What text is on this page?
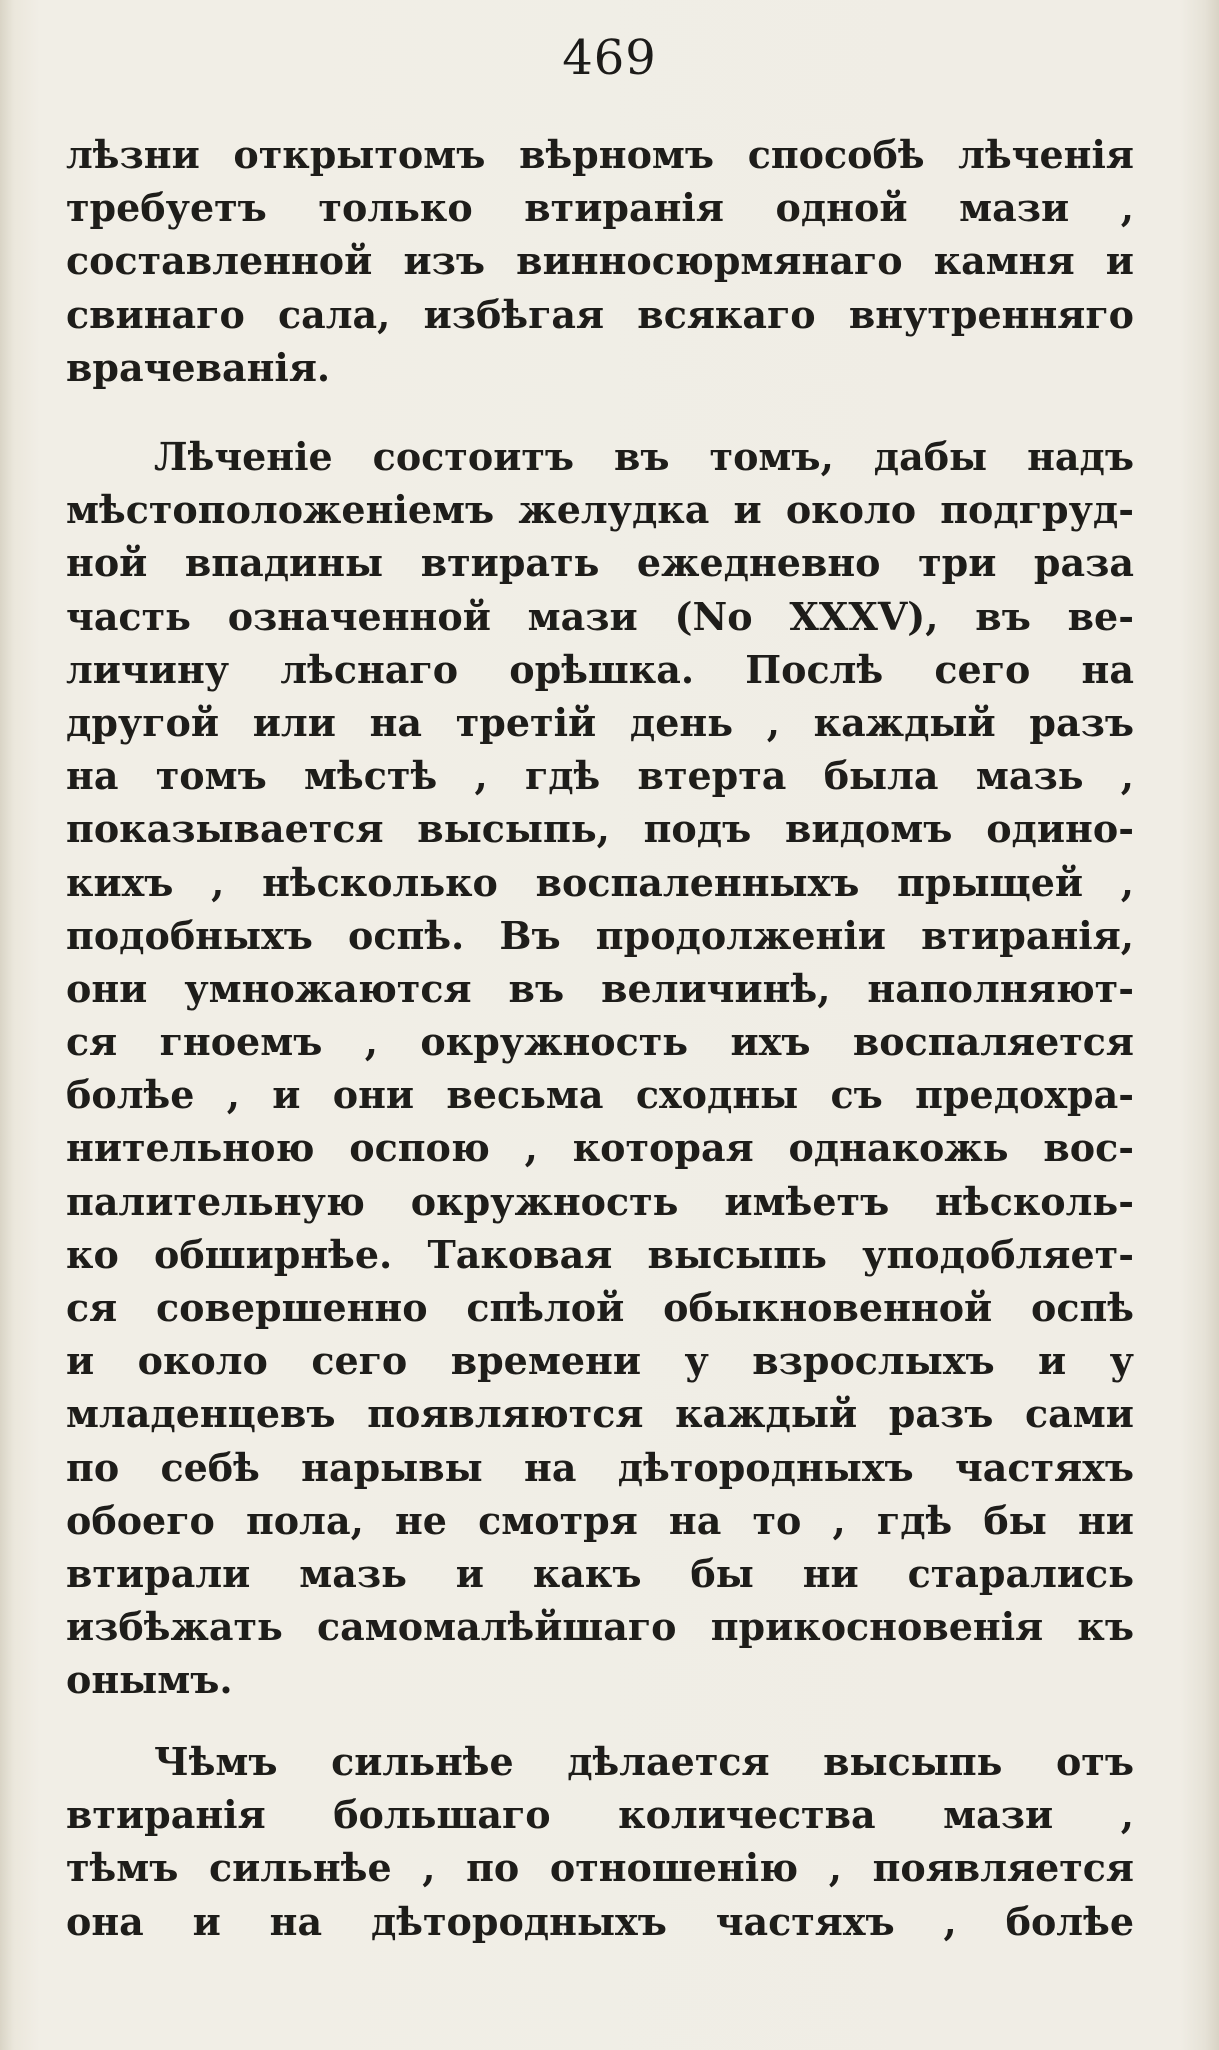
469
лѣзни открытомъ вѣрномъ способѣ лѣченія
требуетъ только втиранія одной мази ,
составленной изъ винносюрмянаго камня и
свинаго сала, избѣгая всякаго внутренняго
врачеванія.
Лѣченіе состоитъ въ томъ, дабы надъ
мѣстоположеніемъ желудка и около подгруд-
ной впадины втирать ежедневно три раза
часть означенной мази (No XXXV), въ ве-
личину лѣснаго орѣшка. Послѣ сего на
другой или на третій день , каждый разъ
на томъ мѣстѣ , гдѣ втерта была мазь ,
показывается высыпь, подъ видомъ одино-
кихъ , нѣсколько воспаленныхъ прыщей ,
подобныхъ оспѣ. Въ продолженіи втиранія,
они умножаются въ величинѣ, наполняют-
ся гноемъ , окружность ихъ воспаляется
болѣе , и они весьма сходны съ предохра-
нительною оспою , которая однакожь вос-
палительную окружность имѣетъ нѣсколь-
ко обширнѣе. Таковая высыпь уподобляет-
ся совершенно спѣлой обыкновенной оспѣ
и около сего времени у взрослыхъ и у
младенцевъ появляются каждый разъ сами
по себѣ нарывы на дѣтородныхъ частяхъ
обоего пола, не смотря на то , гдѣ бы ни
втирали мазь и какъ бы ни старались
избѣжать самомалѣйшаго прикосновенія къ
онымъ.
Чѣмъ сильнѣе дѣлается высыпь отъ
втиранія большаго количества мази ,
тѣмъ сильнѣе , по отношенію , появляется
она и на дѣтородныхъ частяхъ , болѣе
